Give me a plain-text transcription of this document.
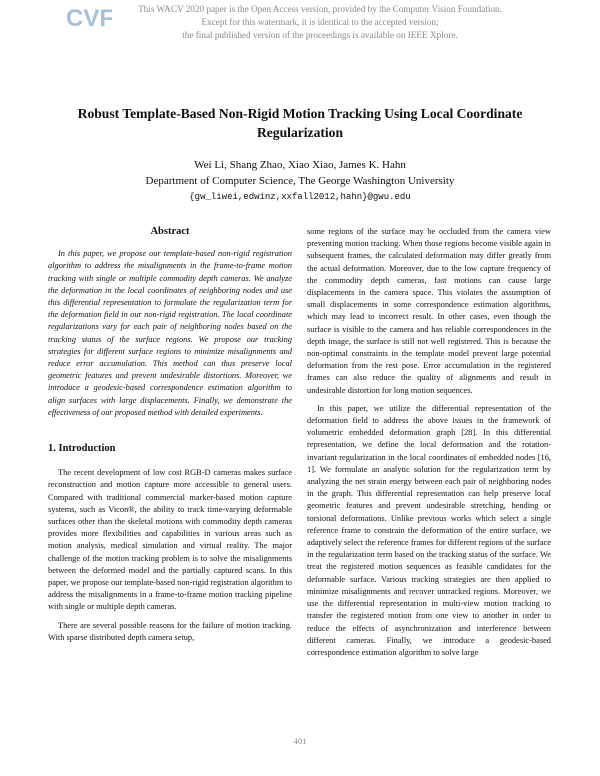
CVF	This WACV 2020 paper is the Open Access version, provided by the Computer Vision Foundation.
Except for this watermark, it is identical to the accepted version;
the final published version of the proceedings is available on IEEE Xplore.
Robust Template-Based Non-Rigid Motion Tracking Using Local Coordinate
Regularization
Wei Li, Shang Zhao, Xiao Xiao, James K. Hahn
Department of Computer Science, The George Washington University
{gw_liwei,edwinz,xxfall2012,hahn}@gwu.edu
Abstract

In this paper, we propose our template-based non-rigid registration algorithm to address the misalignments in the frame-to-frame motion tracking with single or multiple commodity depth cameras. We analyze the deformation in the local coordinates of neighboring nodes and use this differential representation to formulate the regularization term for the deformation field in our non-rigid registration. The local coordinate regularizations vary for each pair of neighboring nodes based on the tracking status of the surface regions. We propose our tracking strategies for different surface regions to minimize misalignments and reduce error accumulation. This method can thus preserve local geometric features and prevent undesirable distortions. Moreover, we introduce a geodesic-based correspondence estimation algorithm to align surfaces with large displacements. Finally, we demonstrate the effectiveness of our proposed method with detailed experiments.

1. Introduction

The recent development of low cost RGB-D cameras makes surface reconstruction and motion capture more accessible to general users. Compared with traditional commercial marker-based motion capture systems, such as Vicon®, the ability to track time-varying deformable surfaces other than the skeletal motions with commodity depth cameras provides more flexibilities and capabilities in various areas such as motion analysis, medical simulation and virtual reality. The major challenge of the motion tracking problem is to solve the misalignments between the deformed model and the partially captured scans. In this paper, we propose our template-based non-rigid registration algorithm to address the misalignments in a frame-to-frame motion tracking pipeline with single or multiple depth cameras.

There are several possible reasons for the failure of motion tracking. With sparse distributed depth camera setup,

some regions of the surface may be occluded from the camera view preventing motion tracking. When those regions become visible again in subsequent frames, the calculated deformation may differ greatly from the actual deformation. Moreover, due to the low capture frequency of the commodity depth cameras, fast motions can cause large displacements in the camera space. This violates the assumption of small displacements in some correspondence estimation algorithms, which may lead to incorrect result. In other cases, even though the surface is visible to the camera and has reliable correspondences in the depth image, the surface is still not well registered. This is because the non-optimal constraints in the template model prevent large potential deformation from the rest pose. Error accumulation in the registered frames can also reduce the quality of alignments and result in undesirable distortion for long motion sequences.

In this paper, we utilize the differential representation of the deformation field to address the above issues in the framework of volumetric embedded deformation graph [28]. In this differential representation, we define the local deformation and the rotation-invariant regularization in the local coordinates of embedded nodes [16, 1]. We formulate an analytic solution for the regularization term by analyzing the net strain energy between each pair of neighboring nodes in the graph. This differential representation can help preserve local geometric features and prevent undesirable stretching, bending or torsional deformations. Unlike previous works which select a single reference frame to constrain the deformation of the entire surface, we adaptively select the reference frames for different regions of the surface in the regularization term based on the tracking status of the surface. We treat the registered motion sequences as feasible candidates for the deformable surface. Various tracking strategies are then applied to minimize misalignments and recover untracked regions. Moreover, we use the differential representation in multi-view motion tracking to transfer the registered motion from one view to another in order to reduce the effects of asynchronization and interference between different cameras. Finally, we introduce a geodesic-based correspondence estimation algorithm to solve large

401
